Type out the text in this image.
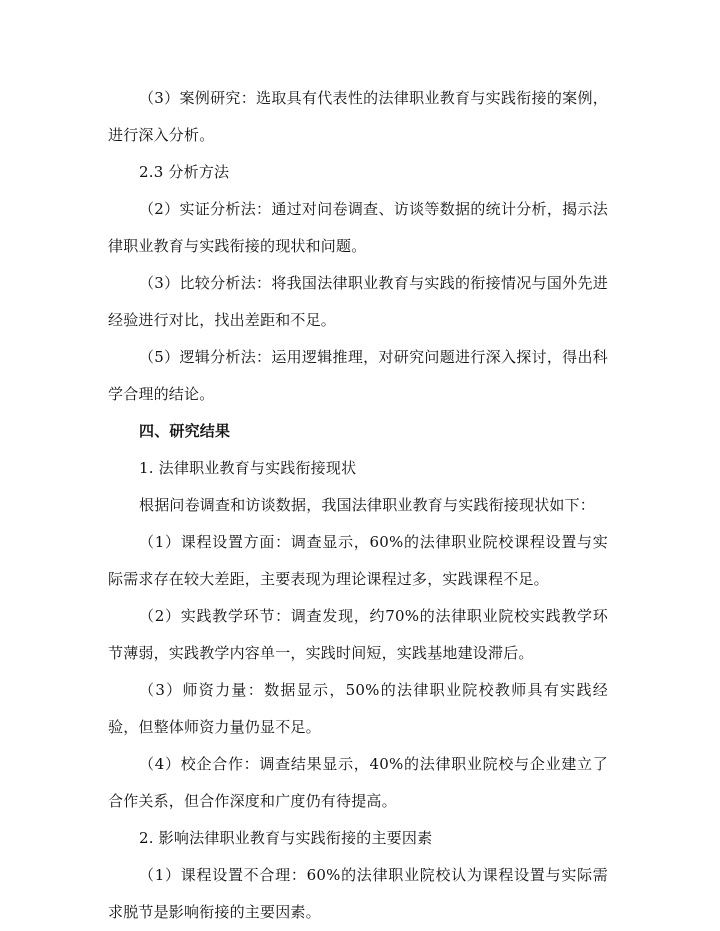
（3）案例研究：选取具有代表性的法律职业教育与实践衔接的案例，进行深入分析。

2.3 分析方法

（2）实证分析法：通过对问卷调查、访谈等数据的统计分析，揭示法律职业教育与实践衔接的现状和问题。

（3）比较分析法：将我国法律职业教育与实践的衔接情况与国外先进经验进行对比，找出差距和不足。

（5）逻辑分析法：运用逻辑推理，对研究问题进行深入探讨，得出科学合理的结论。

四、研究结果

1. 法律职业教育与实践衔接现状

根据问卷调查和访谈数据，我国法律职业教育与实践衔接现状如下：

（1）课程设置方面：调查显示，60%的法律职业院校课程设置与实际需求存在较大差距，主要表现为理论课程过多，实践课程不足。

（2）实践教学环节：调查发现，约70%的法律职业院校实践教学环节薄弱，实践教学内容单一，实践时间短，实践基地建设滞后。

（3）师资力量：数据显示，50%的法律职业院校教师具有实践经验，但整体师资力量仍显不足。

（4）校企合作：调查结果显示，40%的法律职业院校与企业建立了合作关系，但合作深度和广度仍有待提高。

2. 影响法律职业教育与实践衔接的主要因素

（1）课程设置不合理：60%的法律职业院校认为课程设置与实际需求脱节是影响衔接的主要因素。
